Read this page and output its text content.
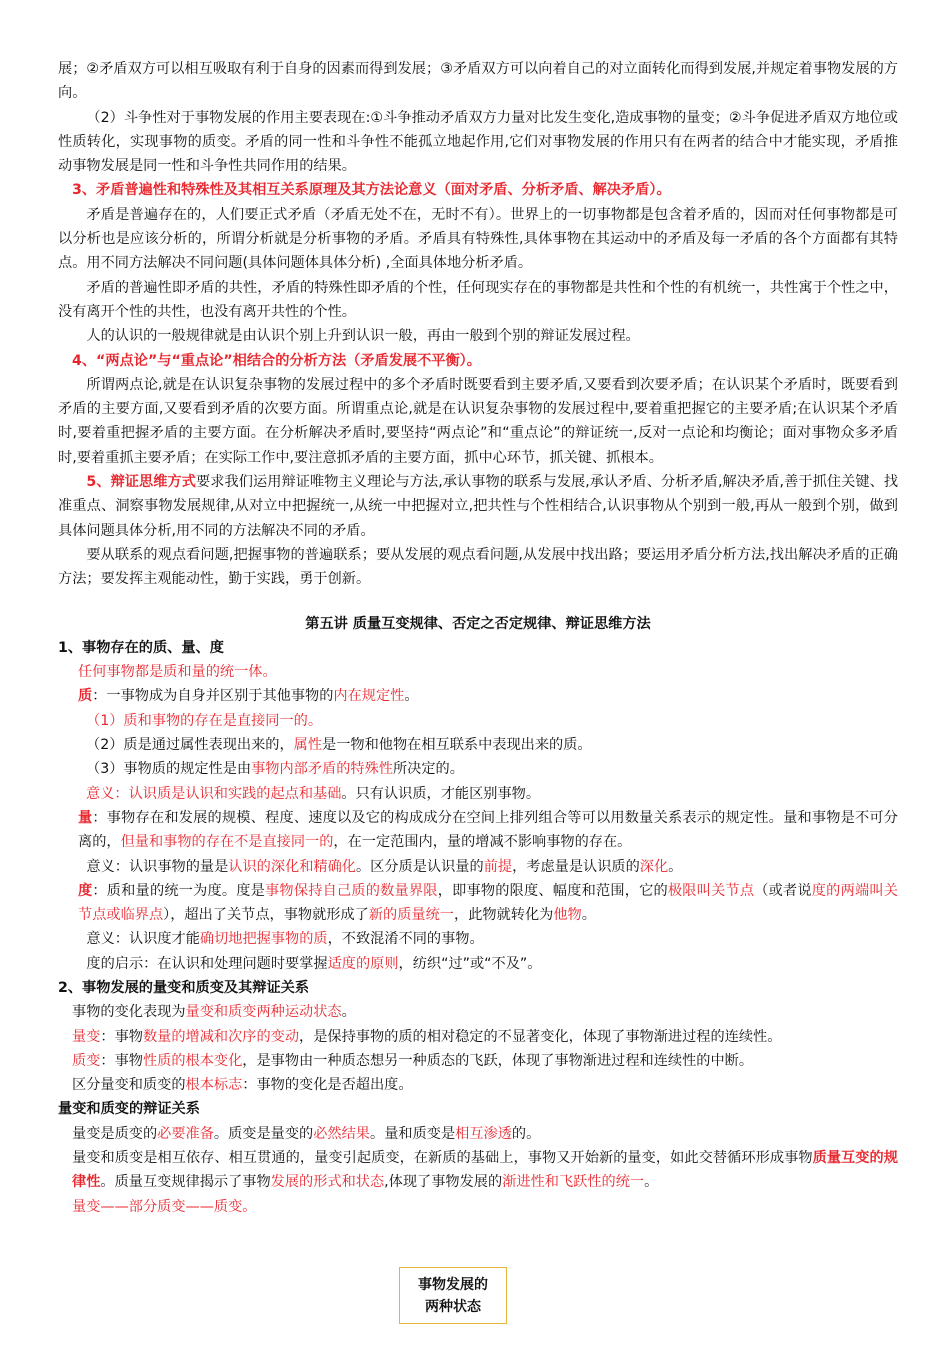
展；②矛盾双方可以相互吸取有利于自身的因素而得到发展；③矛盾双方可以向着自己的对立面转化而得到发展,并规定着事物发展的方向。

（2）斗争性对于事物发展的作用主要表现在:①斗争推动矛盾双方力量对比发生变化,造成事物的量变；②斗争促进矛盾双方地位或性质转化，实现事物的质变。矛盾的同一性和斗争性不能孤立地起作用,它们对事物发展的作用只有在两者的结合中才能实现，矛盾推动事物发展是同一性和斗争性共同作用的结果。

3、矛盾普遍性和特殊性及其相互关系原理及其方法论意义（面对矛盾、分析矛盾、解决矛盾）。

矛盾是普遍存在的，人们要正式矛盾（矛盾无处不在，无时不有）。世界上的一切事物都是包含着矛盾的，因而对任何事物都是可以分析也是应该分析的，所谓分析就是分析事物的矛盾。矛盾具有特殊性,具体事物在其运动中的矛盾及每一矛盾的各个方面都有其特点。用不同方法解决不同问题(具体问题体具体分析) ,全面具体地分析矛盾。

矛盾的普遍性即矛盾的共性，矛盾的特殊性即矛盾的个性，任何现实存在的事物都是共性和个性的有机统一，共性寓于个性之中，没有离开个性的共性，也没有离开共性的个性。

人的认识的一般规律就是由认识个别上升到认识一般，再由一般到个别的辩证发展过程。

4、“两点论”与“重点论”相结合的分析方法（矛盾发展不平衡）。

所谓两点论,就是在认识复杂事物的发展过程中的多个矛盾时既要看到主要矛盾,又要看到次要矛盾；在认识某个矛盾时，既要看到矛盾的主要方面,又要看到矛盾的次要方面。所谓重点论,就是在认识复杂事物的发展过程中,要着重把握它的主要矛盾;在认识某个矛盾时,要着重把握矛盾的主要方面。在分析解决矛盾时,要坚持“两点论”和“重点论”的辩证统一,反对一点论和均衡论；面对事物众多矛盾时,要着重抓主要矛盾；在实际工作中,要注意抓矛盾的主要方面，抓中心环节，抓关键、抓根本。

5、辩证思维方式要求我们运用辩证唯物主义理论与方法,承认事物的联系与发展,承认矛盾、分析矛盾,解决矛盾,善于抓住关键、找准重点、洞察事物发展规律,从对立中把握统一,从统一中把握对立,把共性与个性相结合,认识事物从个别到一般,再从一般到个别，做到具体问题具体分析,用不同的方法解决不同的矛盾。

要从联系的观点看问题,把握事物的普遍联系；要从发展的观点看问题,从发展中找出路；要运用矛盾分析方法,找出解决矛盾的正确方法；要发挥主观能动性，勤于实践，勇于创新。

第五讲 质量互变规律、否定之否定规律、辩证思维方法

1、事物存在的质、量、度

任何事物都是质和量的统一体。

质：一事物成为自身并区别于其他事物的内在规定性。

（1）质和事物的存在是直接同一的。

（2）质是通过属性表现出来的，属性是一物和他物在相互联系中表现出来的质。

（3）事物质的规定性是由事物内部矛盾的特殊性所决定的。

意义：认识质是认识和实践的起点和基础。只有认识质，才能区别事物。

量：事物存在和发展的规模、程度、速度以及它的构成成分在空间上排列组合等可以用数量关系表示的规定性。量和事物是不可分离的，但量和事物的存在不是直接同一的，在一定范围内，量的增减不影响事物的存在。

意义：认识事物的量是认识的深化和精确化。区分质是认识量的前提，考虑量是认识质的深化。

度：质和量的统一为度。度是事物保持自己质的数量界限，即事物的限度、幅度和范围，它的极限叫关节点（或者说度的两端叫关节点或临界点），超出了关节点，事物就形成了新的质量统一，此物就转化为他物。

意义：认识度才能确切地把握事物的质，不致混淆不同的事物。

度的启示：在认识和处理问题时要掌握适度的原则，纺织“过”或“不及”。

2、事物发展的量变和质变及其辩证关系

事物的变化表现为量变和质变两种运动状态。

量变：事物数量的增减和次序的变动，是保持事物的质的相对稳定的不显著变化，体现了事物渐进过程的连续性。

质变：事物性质的根本变化，是事物由一种质态想另一种质态的飞跃，体现了事物渐进过程和连续性的中断。

区分量变和质变的根本标志：事物的变化是否超出度。

量变和质变的辩证关系

量变是质变的必要准备。质变是量变的必然结果。量和质变是相互渗透的。

量变和质变是相互依存、相互贯通的，量变引起质变，在新质的基础上，事物又开始新的量变，如此交替循环形成事物质量互变的规律性。质量互变规律揭示了事物发展的形式和状态,体现了事物发展的渐进性和飞跃性的统一。

量变——部分质变——质变。

事物发展的
两种状态
